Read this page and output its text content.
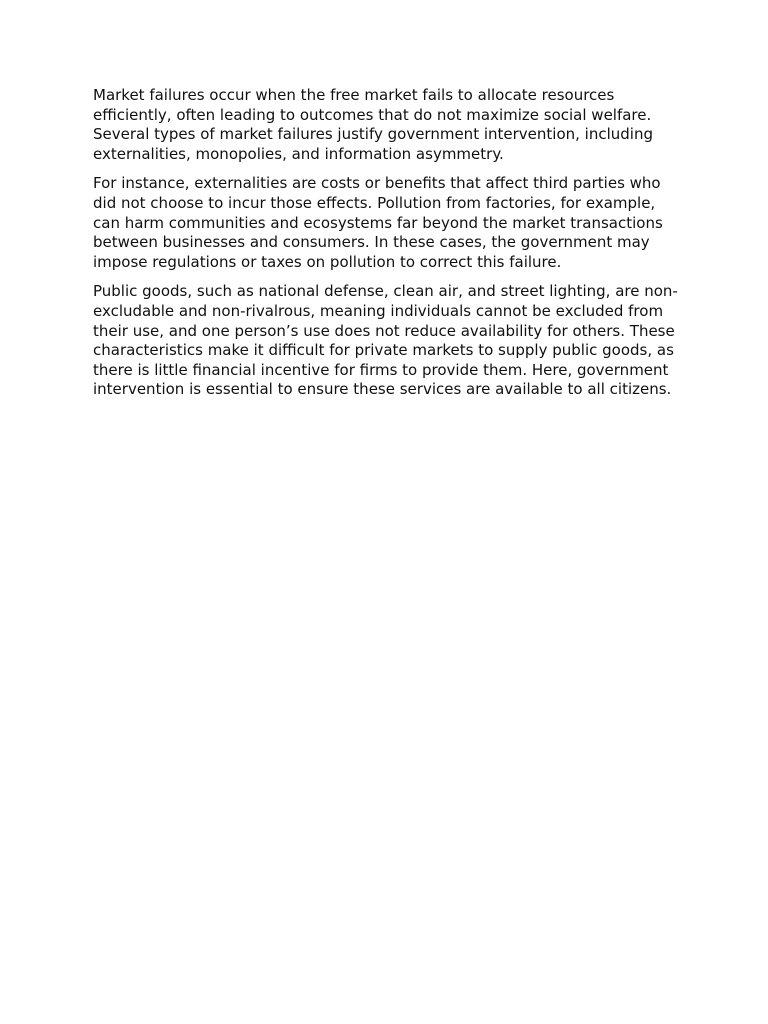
Market failures occur when the free market fails to allocate resources efficiently, often leading to outcomes that do not maximize social welfare. Several types of market failures justify government intervention, including externalities, monopolies, and information asymmetry.

For instance, externalities are costs or benefits that affect third parties who did not choose to incur those effects. Pollution from factories, for example, can harm communities and ecosystems far beyond the market transactions between businesses and consumers. In these cases, the government may impose regulations or taxes on pollution to correct this failure.

Public goods, such as national defense, clean air, and street lighting, are non-excludable and non-rivalrous, meaning individuals cannot be excluded from their use, and one person’s use does not reduce availability for others. These characteristics make it difficult for private markets to supply public goods, as there is little financial incentive for firms to provide them. Here, government intervention is essential to ensure these services are available to all citizens.
